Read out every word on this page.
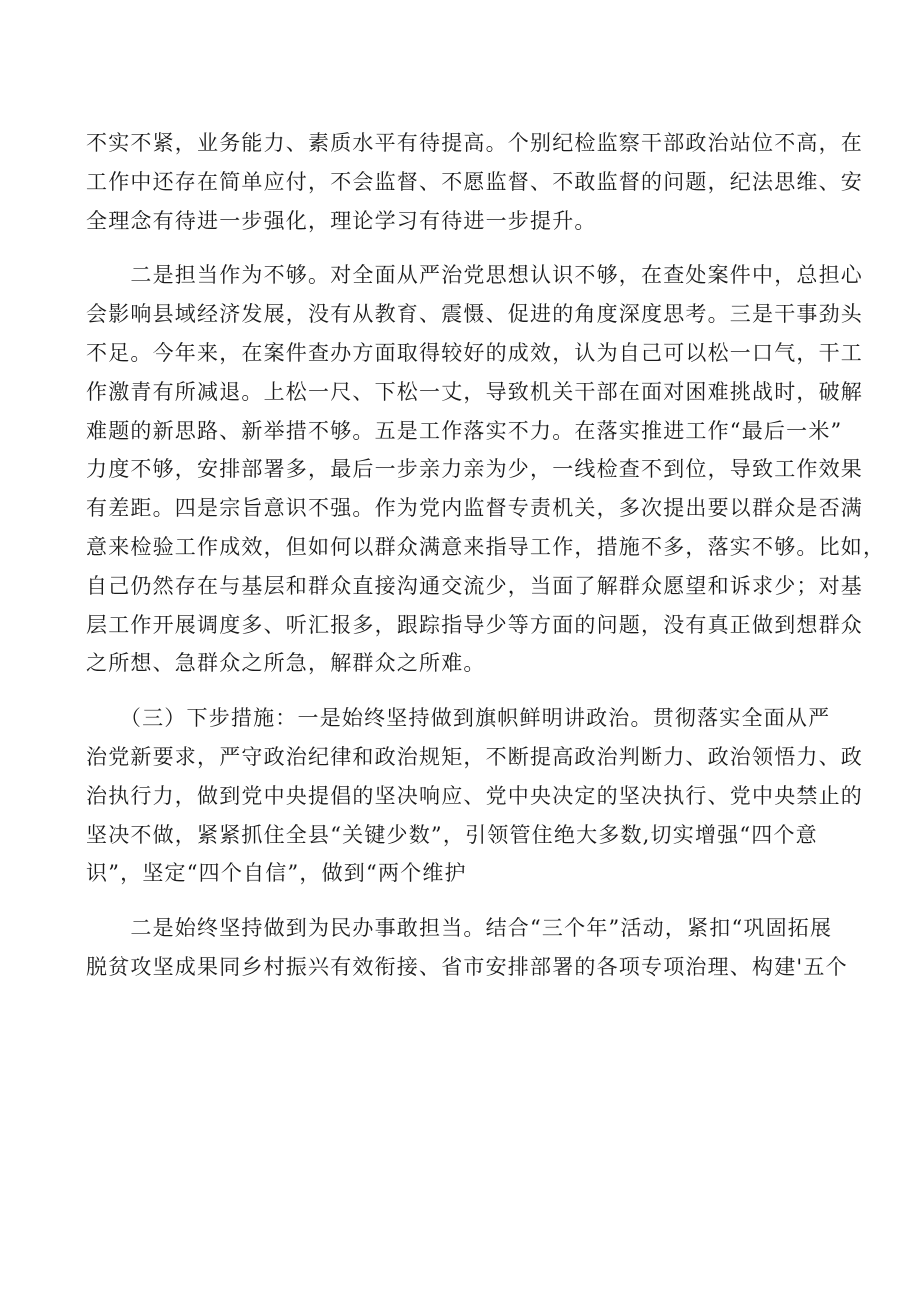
不实不紧，业务能力、素质水平有待提高。个别纪检监察干部政治站位不高，在
工作中还存在简单应付，不会监督、不愿监督、不敢监督的问题，纪法思维、安
全理念有待进一步强化，理论学习有待进一步提升。
　　二是担当作为不够。对全面从严治党思想认识不够，在查处案件中，总担心
会影响县域经济发展，没有从教育、震慑、促进的角度深度思考。三是干事劲头
不足。今年来，在案件查办方面取得较好的成效，认为自己可以松一口气，干工
作激青有所减退。上松一尺、下松一丈，导致机关干部在面对困难挑战时，破解
难题的新思路、新举措不够。五是工作落实不力。在落实推进工作“最后一米”
力度不够，安排部署多，最后一步亲力亲为少，一线检查不到位，导致工作效果
有差距。四是宗旨意识不强。作为党内监督专责机关，多次提出要以群众是否满
意来检验工作成效，但如何以群众满意来指导工作，措施不多，落实不够。比如，
自己仍然存在与基层和群众直接沟通交流少，当面了解群众愿望和诉求少；对基
层工作开展调度多、听汇报多，跟踪指导少等方面的问题，没有真正做到想群众
之所想、急群众之所急，解群众之所难。
　　（三）下步措施：一是始终坚持做到旗帜鲜明讲政治。贯彻落实全面从严
治党新要求，严守政治纪律和政治规矩，不断提高政治判断力、政治领悟力、政
治执行力，做到党中央提倡的坚决响应、党中央决定的坚决执行、党中央禁止的
坚决不做，紧紧抓住全县“关键少数”，引领管住绝大多数,切实增强“四个意
识”，坚定“四个自信”，做到“两个维护
　　二是始终坚持做到为民办事敢担当。结合“三个年”活动，紧扣“巩固拓展
脱贫攻坚成果同乡村振兴有效衔接、省市安排部署的各项专项治理、构建'五个
